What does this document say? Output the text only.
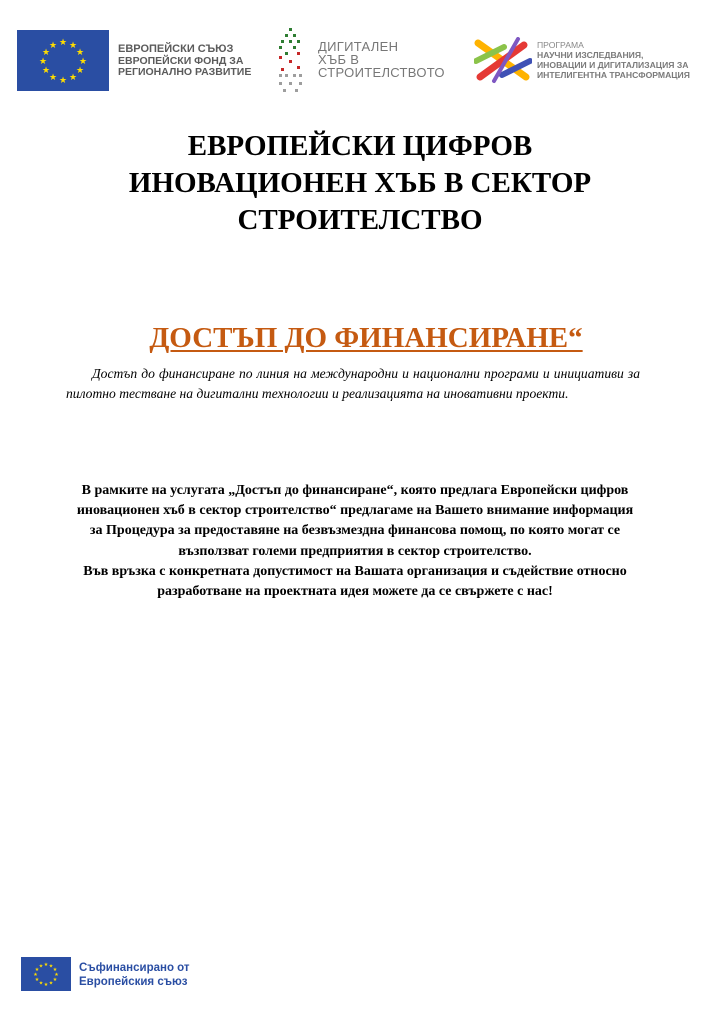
★ ★
★
★
★
★
★
★
★
★
★
★	ЕВРОПЕЙСКИ СЪЮЗ
ЕВРОПЕЙСКИ ФОНД ЗА
РЕГИОНАЛНО РАЗВИТИЕ
ДИГИТАЛЕН
ХЪБ В
СТРОИТЕЛСТВОТО
ПРОГРАМА
НАУЧНИ ИЗСЛЕДВАНИЯ,
ИНОВАЦИИ И ДИГИТАЛИЗАЦИЯ ЗА
ИНТЕЛИГЕНТНА ТРАНСФОРМАЦИЯ
ЕВРОПЕЙСКИ ЦИФРОВ
ИНОВАЦИОНЕН ХЪБ В СЕКТОР
СТРОИТЕЛСТВО
ДОСТЪП ДО ФИНАНСИРАНЕ“
Достъп до финансиране по линия на международни и национални програми и инициативи за пилотно тестване на дигитални технологии и реализацията на иновативни проекти.

В рамките на услугата „Достъп до финансиране“, която предлага Европейски цифров иновационен хъб в сектор строителство“ предлагаме на Вашето внимание информация за Процедура за предоставяне на безвъзмездна финансова помощ, по която могат се възползват големи предприятия в сектор строителство.

Във връзка с конкретната допустимост на Вашата организация и съдействие относно разработване на проектната идея можете да се свържете с нас!

★ ★
★
★
★
★
★
★
★
★
★
★	Съфинансирано от
Европейския съюз
